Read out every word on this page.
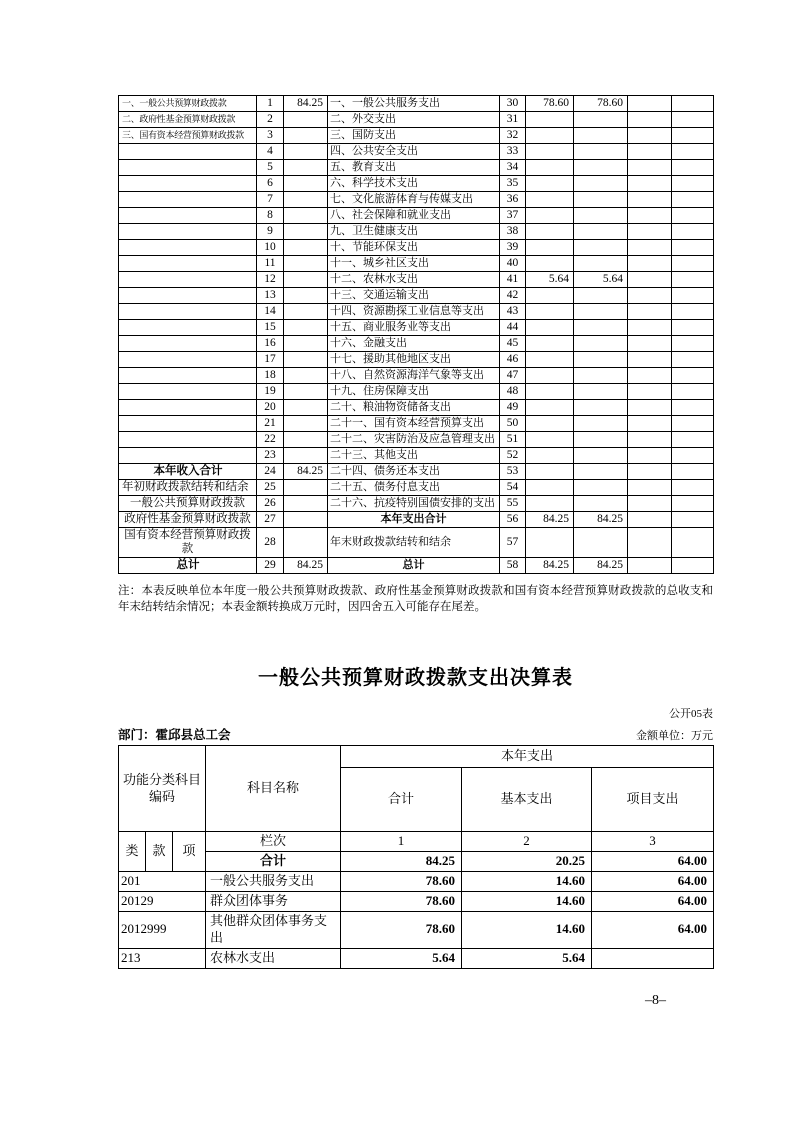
一、一般公共预算财政拨款	1	84.25	一、一般公共服务支出	30	78.60	78.60		
二、政府性基金预算财政拨款	2		二、外交支出	31				
三、国有资本经营预算财政拨款	3		三、国防支出	32				
	4		四、公共安全支出	33				
	5		五、教育支出	34				
	6		六、科学技术支出	35				
	7		七、文化旅游体育与传媒支出	36				
	8		八、社会保障和就业支出	37				
	9		九、卫生健康支出	38				
	10		十、节能环保支出	39				
	11		十一、城乡社区支出	40				
	12		十二、农林水支出	41	5.64	5.64		
	13		十三、交通运输支出	42				
	14		十四、资源勘探工业信息等支出	43				
	15		十五、商业服务业等支出	44				
	16		十六、金融支出	45				
	17		十七、援助其他地区支出	46				
	18		十八、自然资源海洋气象等支出	47				
	19		十九、住房保障支出	48				
	20		二十、粮油物资储备支出	49				
	21		二十一、国有资本经营预算支出	50				
	22		二十二、灾害防治及应急管理支出	51				
	23		二十三、其他支出	52				
本年收入合计	24	84.25	二十四、债务还本支出	53				
年初财政拨款结转和结余	25		二十五、债务付息支出	54				
一般公共预算财政拨款	26		二十六、抗疫特别国债安排的支出	55				
政府性基金预算财政拨款	27		本年支出合计	56	84.25	84.25		
国有资本经营预算财政拨款	28		年末财政拨款结转和结余	57				
总计	29	84.25	总计	58	84.25	84.25		
注：本表反映单位本年度一般公共预算财政拨款、政府性基金预算财政拨款和国有资本经营预算财政拨款的总收支和年末结转结余情况；本表金额转换成万元时，因四舍五入可能存在尾差。
一般公共预算财政拨款支出决算表
公开05表
部门：霍邱县总工会	金额单位：万元
功能分类科目编码			科目名称	本年支出		
				合计	基本支出	项目支出
类	款	项	栏次	1	2	3
			合计	84.25	20.25	64.00
201			一般公共服务支出	78.60	14.60	64.00
20129			群众团体事务	78.60	14.60	64.00
2012999			其他群众团体事务支出	78.60	14.60	64.00
213			农林水支出	5.64	5.64	
–8–
